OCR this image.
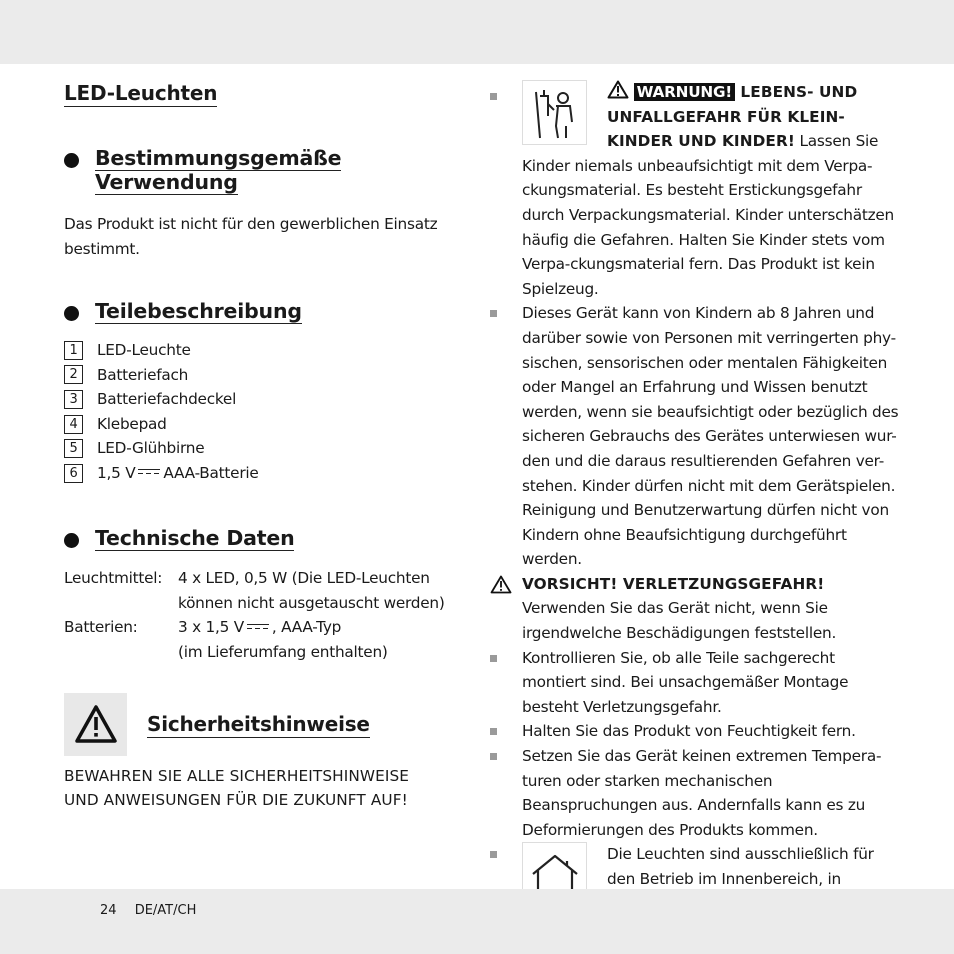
LED-Leuchten
Bestimmungsgemäße
Verwendung
Das Produkt ist nicht für den gewerblichen Einsatz bestimmt.
Teilebeschreibung
1	LED-Leuchte
2	Batteriefach
3	Batteriefachdeckel
4	Klebepad
5	LED-Glühbirne
6	1,5 V AAA-Batterie
Technische Daten
Leuchtmittel:	4 x LED, 0,5 W (Die LED-Leuchten
können nicht ausgetauscht werden)
Batterien:	3 x 1,5 V , AAA-Typ
(im Lieferumfang enthalten)
Sicherheitshinweise
BEWAHREN SIE ALLE SICHERHEITSHINWEISE
UND ANWEISUNGEN FÜR DIE ZUKUNFT AUF!
WARNUNG! LEBENS- UND
UNFALLGEFAHR FÜR KLEIN-
KINDER UND KINDER! Lassen Sie Kinder niemals unbeaufsichtigt mit dem Verpa-ckungsmaterial. Es besteht Erstickungsgefahr durch Verpackungsmaterial. Kinder unterschätzen häufig die Gefahren. Halten Sie Kinder stets vom Verpa-ckungsmaterial fern. Das Produkt ist kein Spielzeug.
Dieses Gerät kann von Kindern ab 8 Jahren und darüber sowie von Personen mit verringerten phy-sischen, sensorischen oder mentalen Fähigkeiten oder Mangel an Erfahrung und Wissen benutzt werden, wenn sie beaufsichtigt oder bezüglich des sicheren Gebrauchs des Gerätes unterwiesen wur-den und die daraus resultierenden Gefahren ver-stehen. Kinder dürfen nicht mit dem Gerätspielen. Reinigung und Benutzerwartung dürfen nicht von Kindern ohne Beaufsichtigung durchgeführt werden.
VORSICHT! VERLETZUNGSGEFAHR!
Verwenden Sie das Gerät nicht, wenn Sie irgendwelche Beschädigungen feststellen.
Kontrollieren Sie, ob alle Teile sachgerecht montiert sind. Bei unsachgemäßer Montage besteht Verletzungsgefahr.
Halten Sie das Produkt von Feuchtigkeit fern.
Setzen Sie das Gerät keinen extremen Tempera-turen oder starken mechanischen Beanspruchungen aus. Andernfalls kann es zu Deformierungen des Produkts kommen.
Die Leuchten sind ausschließlich für den Betrieb im Innenbereich, in
24 DE/AT/CH
